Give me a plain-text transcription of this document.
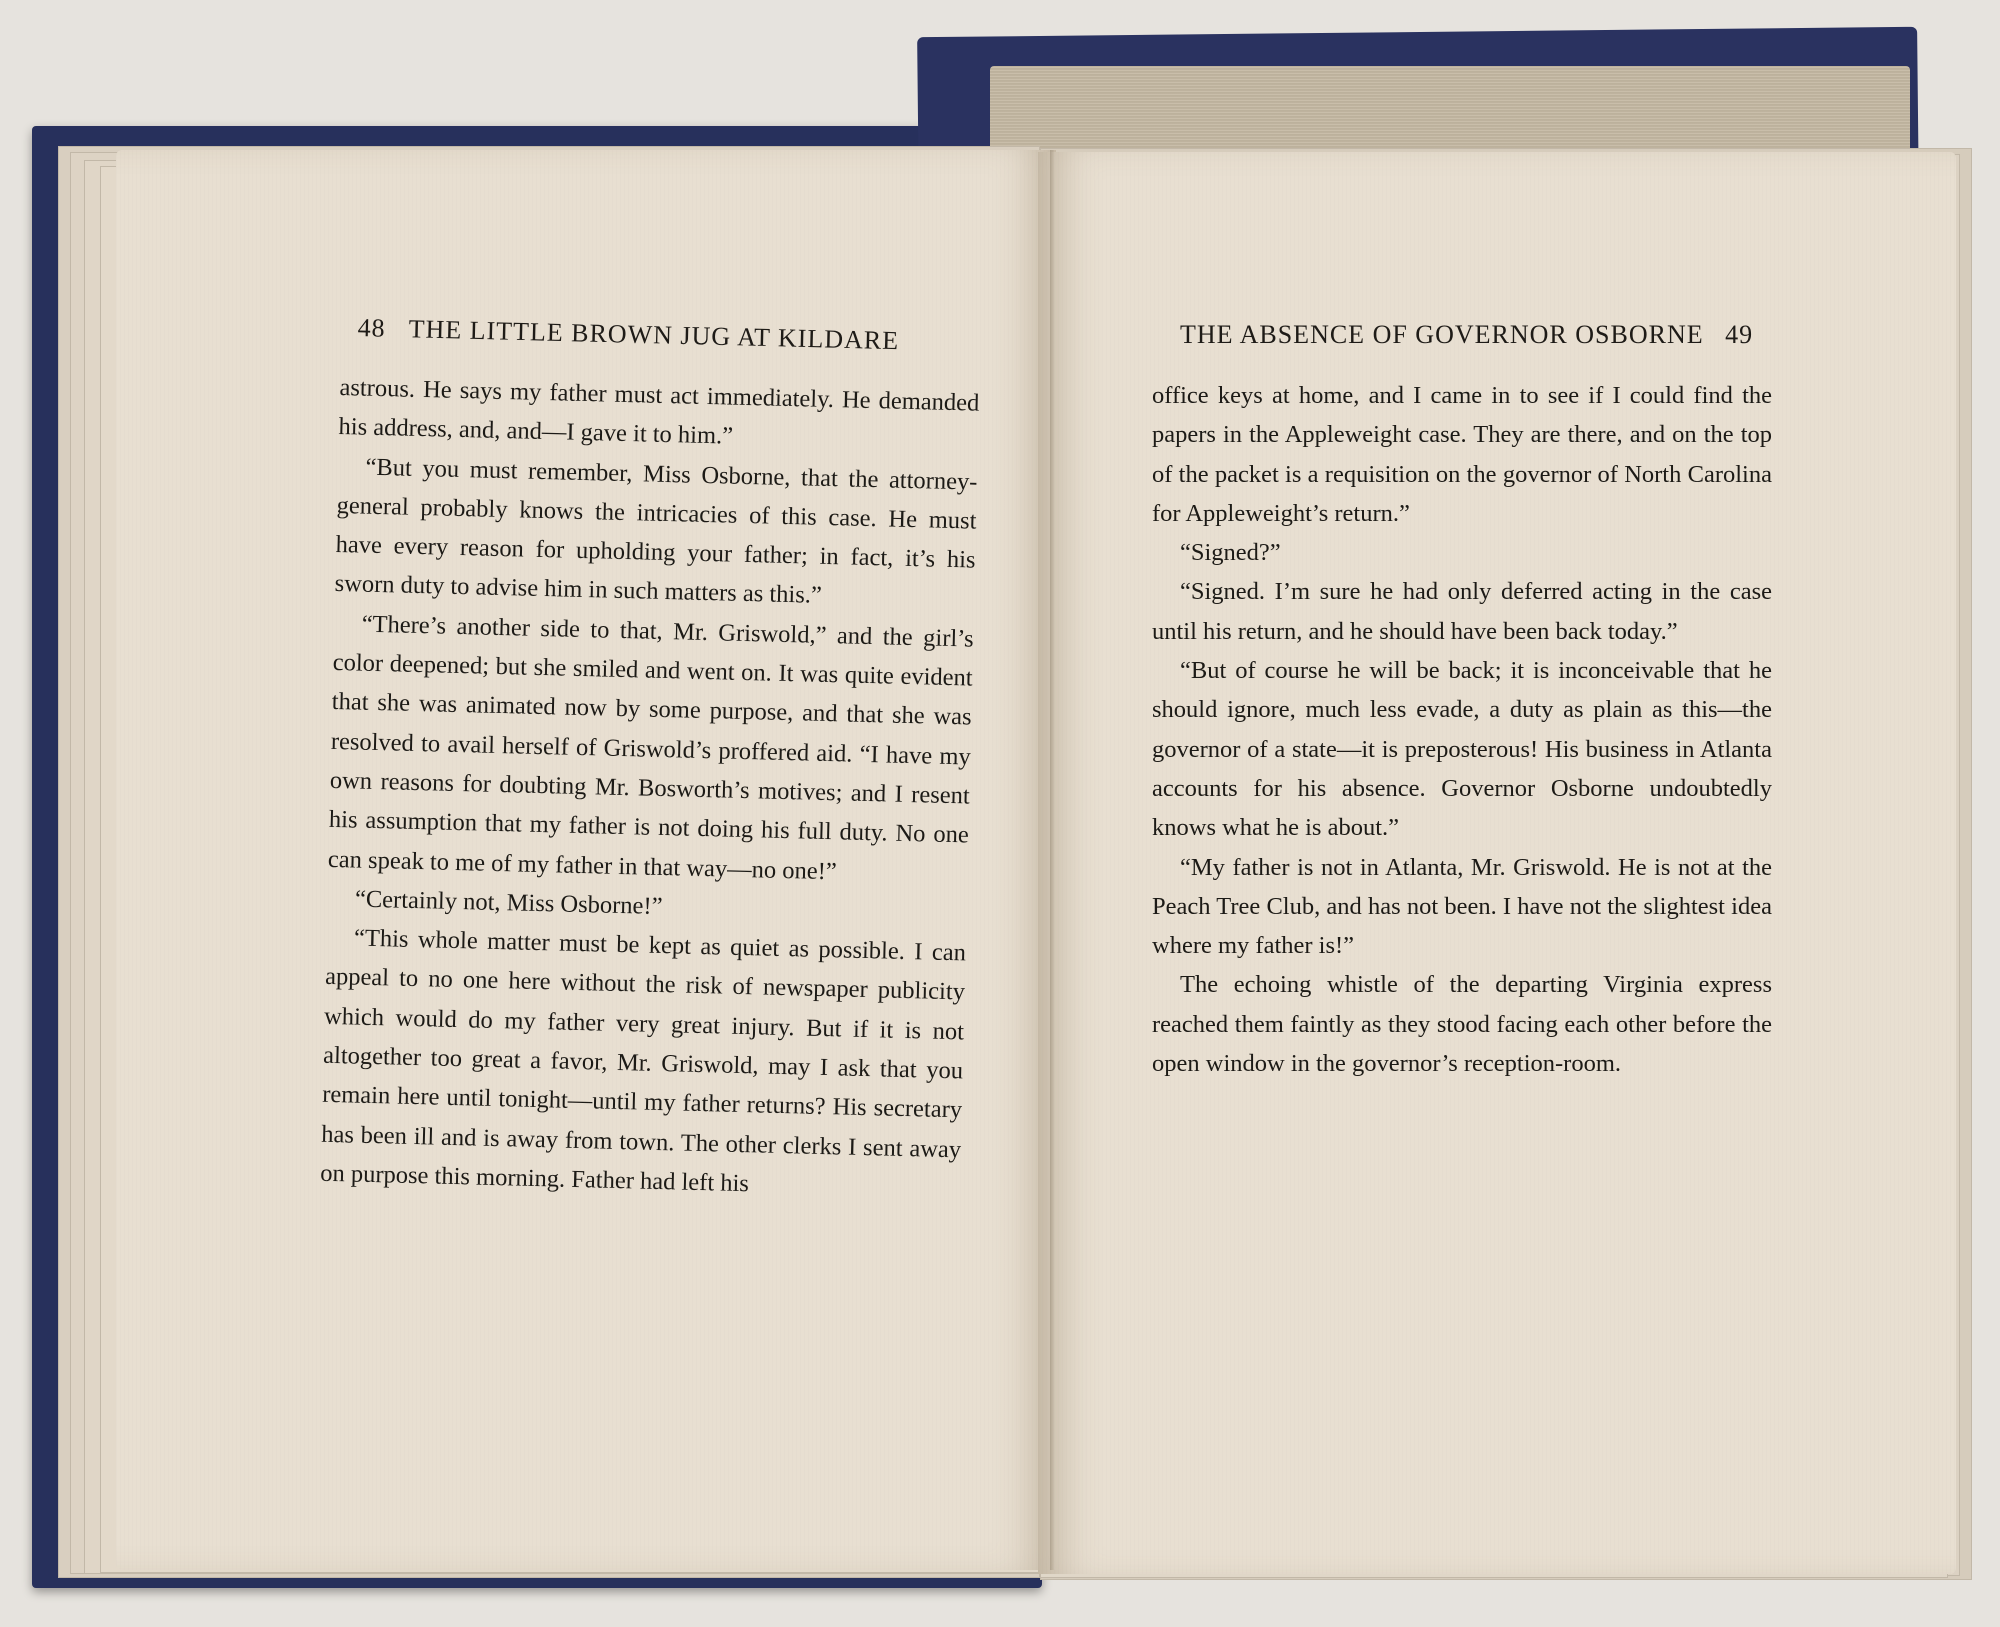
48 THE LITTLE BROWN JUG AT KILDARE

astrous. He says my father must act immediately. He demanded his address, and, and—I gave it to him.”

“But you must remember, Miss Osborne, that the attorney-general probably knows the intricacies of this case. He must have every reason for upholding your father; in fact, it’s his sworn duty to advise him in such matters as this.”

“There’s another side to that, Mr. Griswold,” and the girl’s color deepened; but she smiled and went on. It was quite evident that she was animated now by some purpose, and that she was resolved to avail herself of Griswold’s proffered aid. “I have my own reasons for doubting Mr. Bosworth’s motives; and I resent his assumption that my father is not doing his full duty. No one can speak to me of my father in that way—no one!”

“Certainly not, Miss Osborne!”

“This whole matter must be kept as quiet as possible. I can appeal to no one here without the risk of newspaper publicity which would do my father very great injury. But if it is not altogether too great a favor, Mr. Griswold, may I ask that you remain here until tonight—until my father returns? His secretary has been ill and is away from town. The other clerks I sent away on purpose this morning. Father had left his

THE ABSENCE OF GOVERNOR OSBORNE 49

office keys at home, and I came in to see if I could find the papers in the Appleweight case. They are there, and on the top of the packet is a requisition on the governor of North Carolina for Appleweight’s return.”

“Signed?”

“Signed. I’m sure he had only deferred acting in the case until his return, and he should have been back today.”

“But of course he will be back; it is inconceivable that he should ignore, much less evade, a duty as plain as this—the governor of a state—it is preposterous! His business in Atlanta accounts for his absence. Governor Osborne undoubtedly knows what he is about.”

“My father is not in Atlanta, Mr. Griswold. He is not at the Peach Tree Club, and has not been. I have not the slightest idea where my father is!”

The echoing whistle of the departing Virginia express reached them faintly as they stood facing each other before the open window in the governor’s reception-room.
